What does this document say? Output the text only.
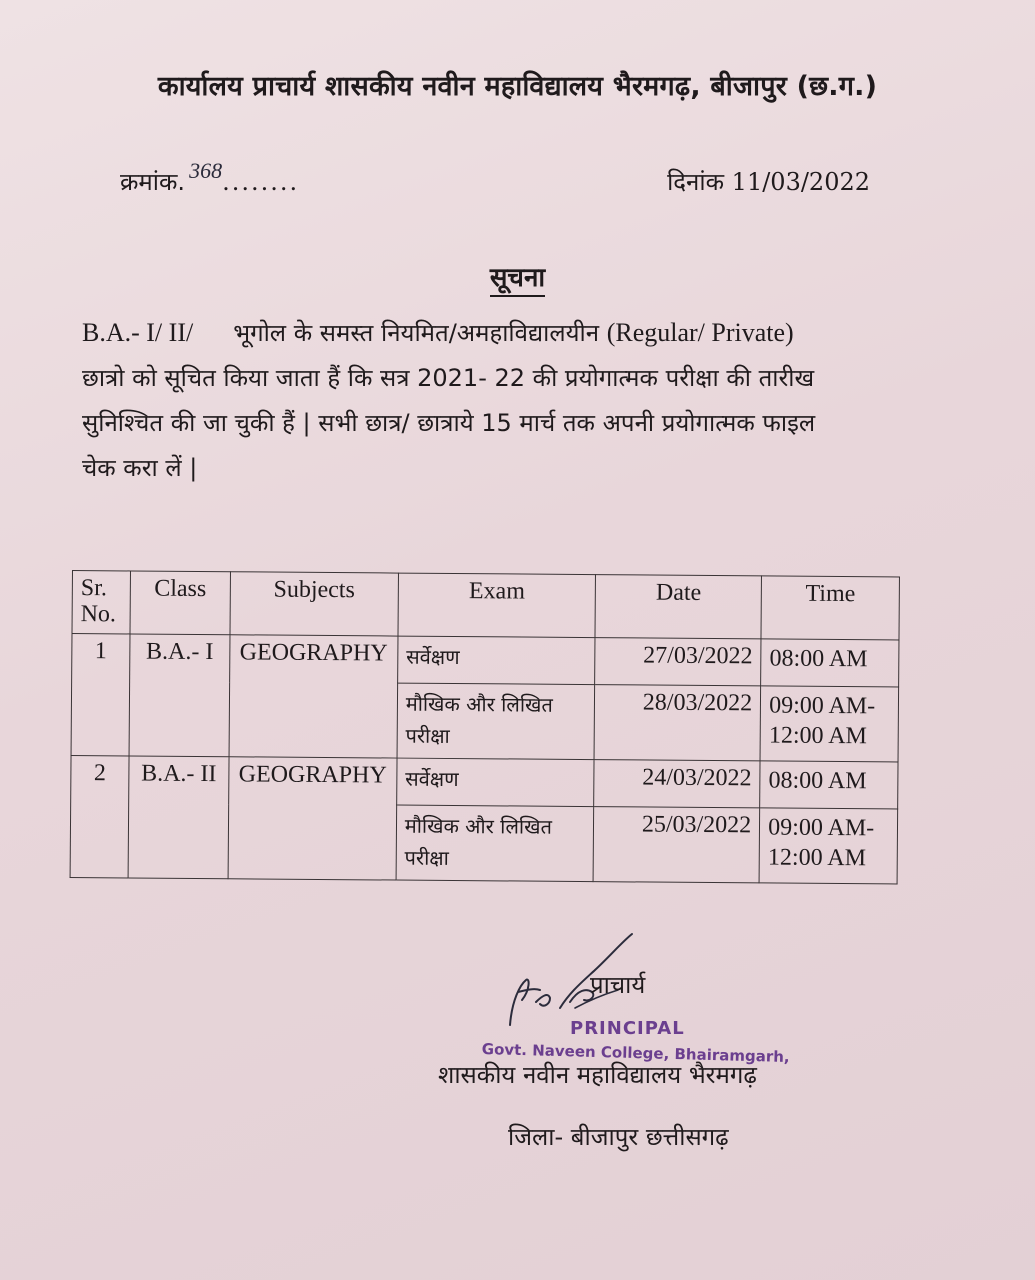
कार्यालय प्राचार्य शासकीय नवीन महाविद्यालय भैरमगढ़, बीजापुर (छ.ग.)
क्रमांक. 368........	दिनांक 11/03/2022
सूचना
B.A.- I/ II/ भूगोल के समस्त नियमित/अमहाविद्यालयीन (Regular/ Private)
छात्रो को सूचित किया जाता हैं कि सत्र 2021- 22 की प्रयोगात्मक परीक्षा की तारीख
सुनिश्चित की जा चुकी हैं | सभी छात्र/ छात्राये 15 मार्च तक अपनी प्रयोगात्मक फाइल
चेक करा लें |
Sr.
No.	Class	Subjects	Exam	Date	Time
1	B.A.- I	GEOGRAPHY	सर्वेक्षण	27/03/2022	08:00 AM
			मौखिक और लिखित परीक्षा	28/03/2022	09:00 AM-
12:00 AM
2	B.A.- II	GEOGRAPHY	सर्वेक्षण	24/03/2022	08:00 AM
			मौखिक और लिखित परीक्षा	25/03/2022	09:00 AM-
12:00 AM
प्राचार्य
PRINCIPAL
Govt. Naveen College, Bhairamgarh,
शासकीय नवीन महाविद्यालय भैरमगढ़
जिला- बीजापुर छत्तीसगढ़
